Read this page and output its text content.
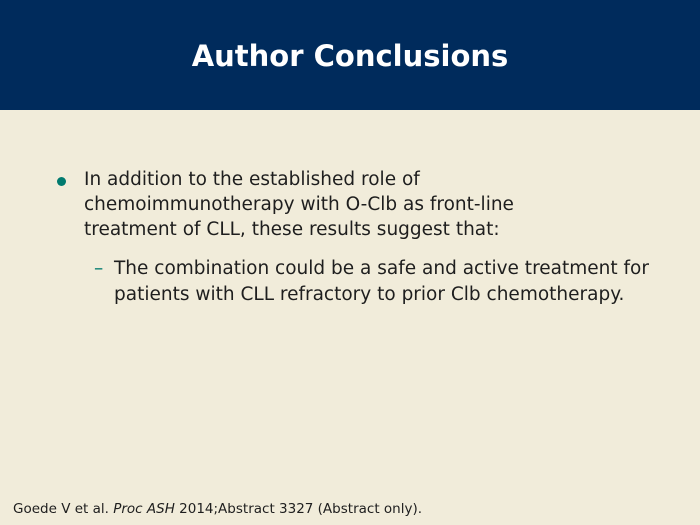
Author Conclusions
In addition to the established role of chemoimmunotherapy with O-Clb as front-line treatment of CLL, these results suggest that:
– The combination could be a safe and active treatment for patients with CLL refractory to prior Clb chemotherapy.
Goede V et al. Proc ASH 2014;Abstract 3327 (Abstract only).
